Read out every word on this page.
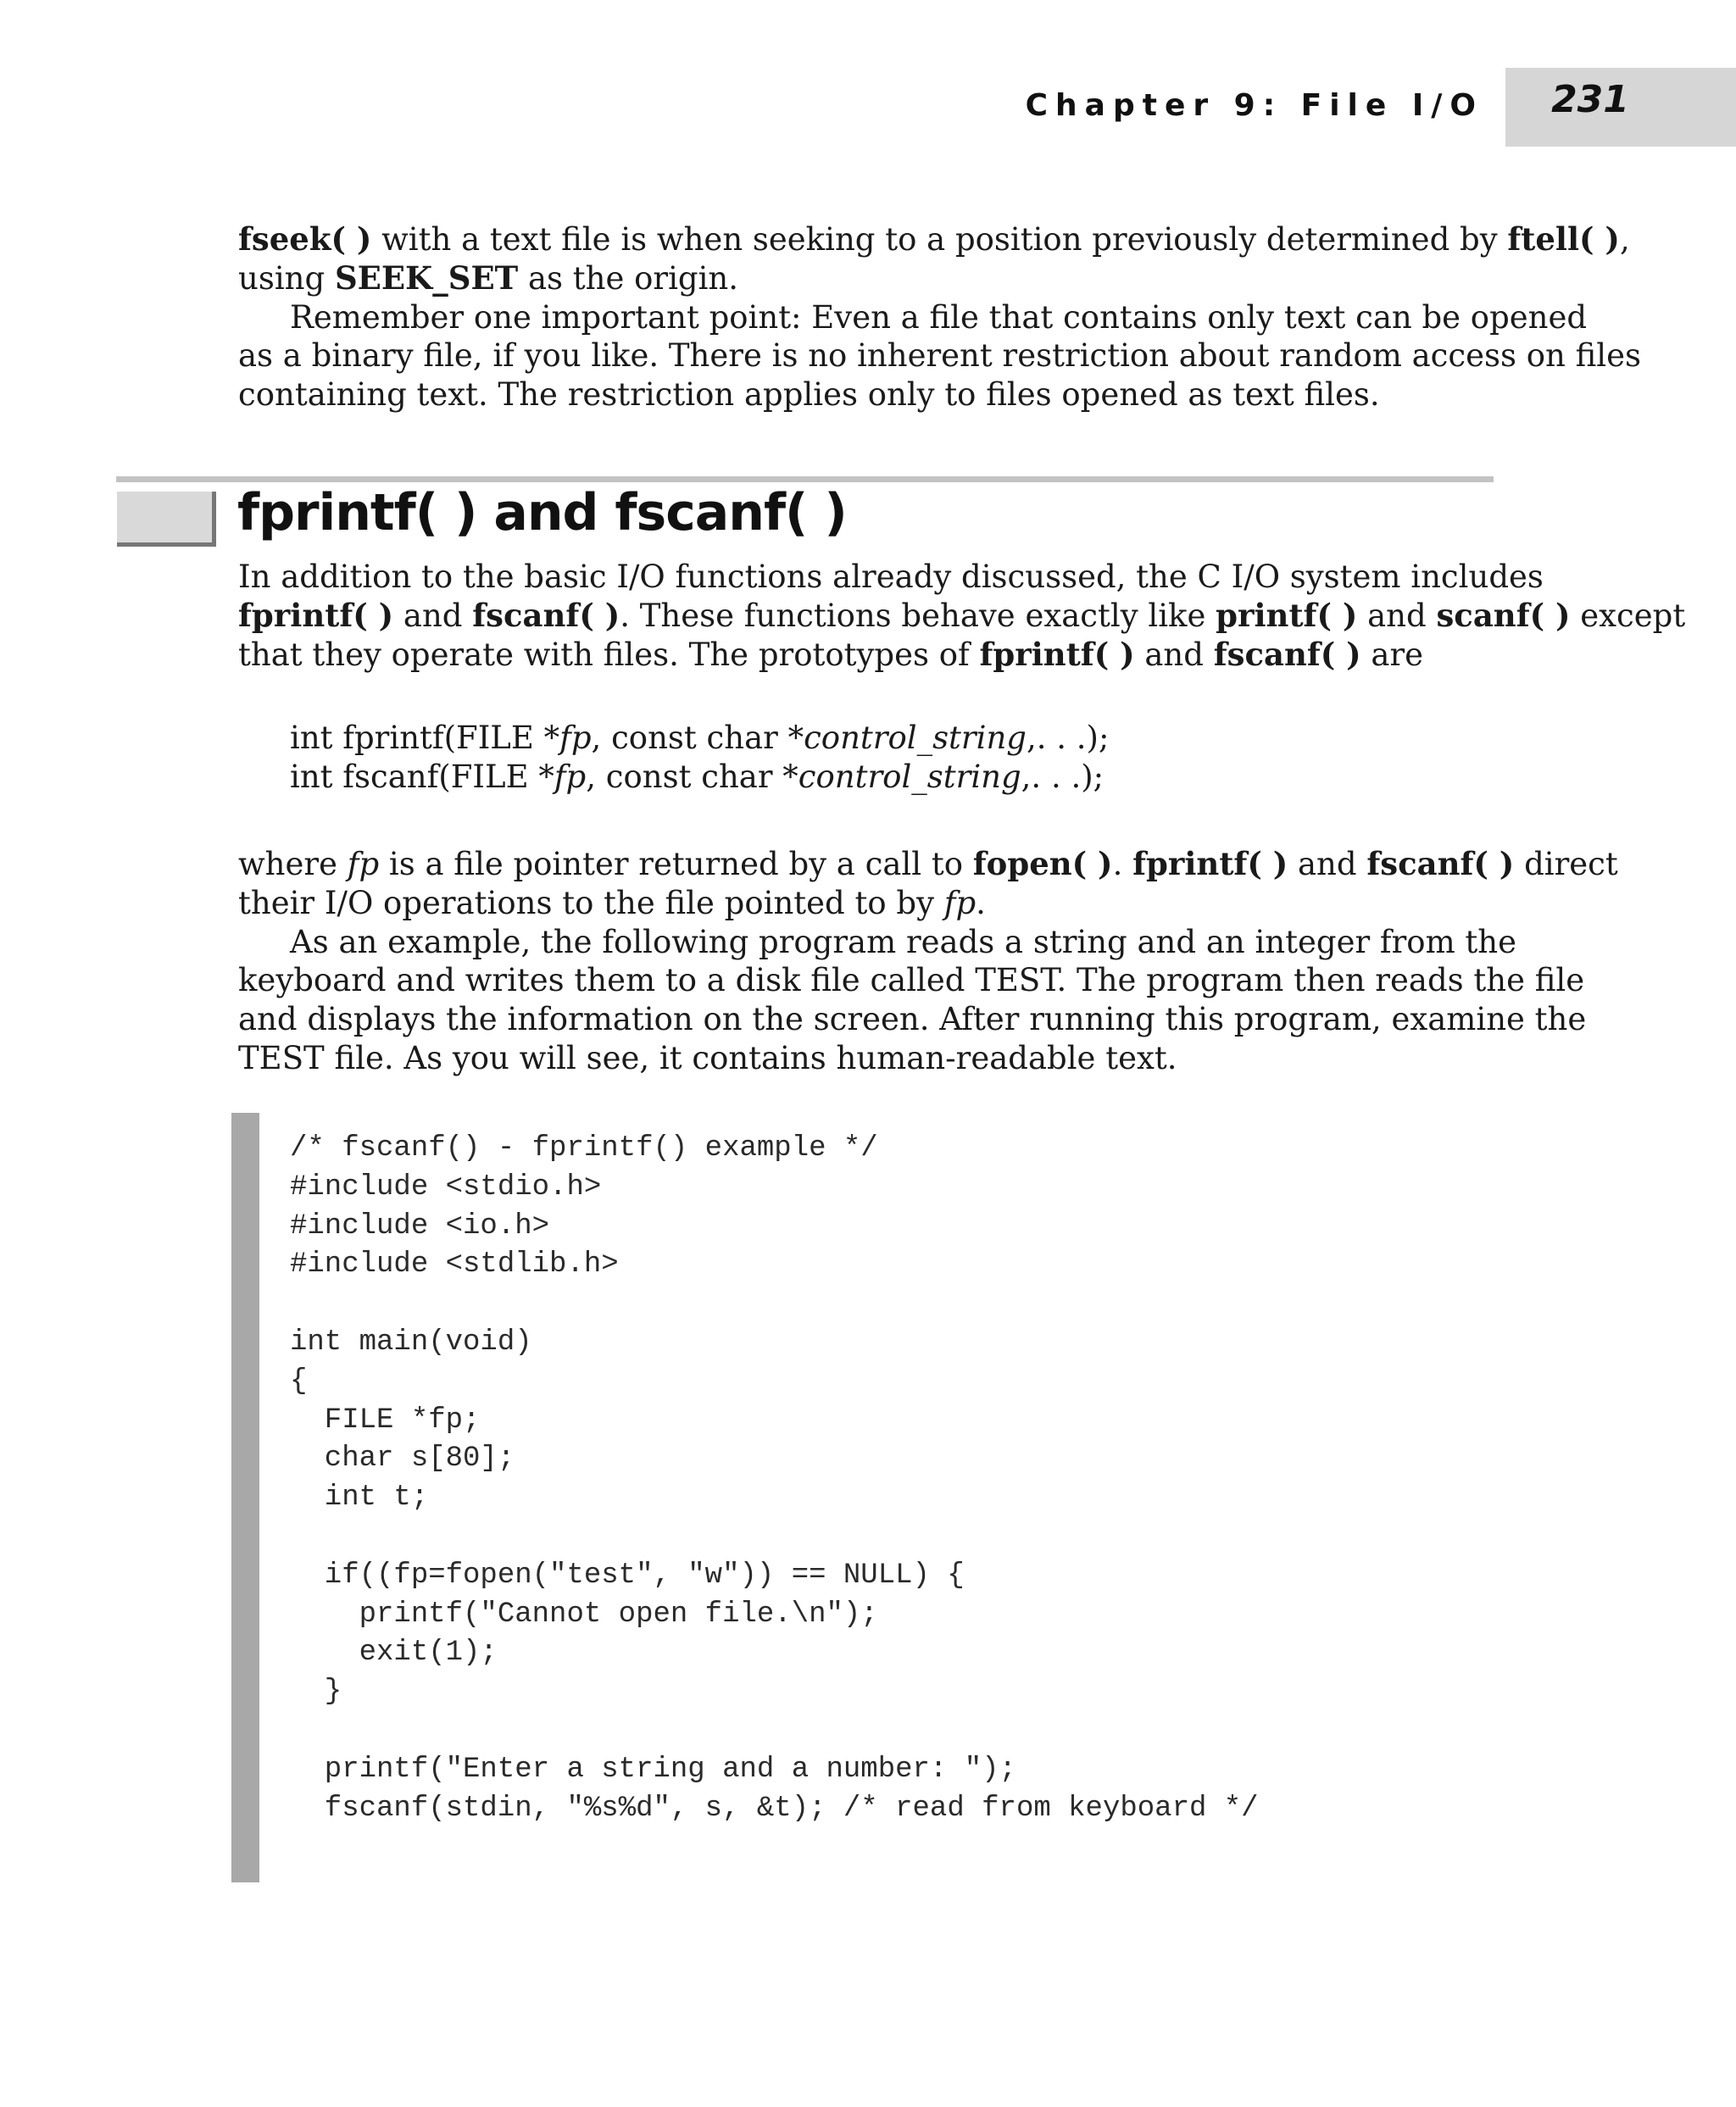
Chapter 9: File I/O	231
fseek( ) with a text file is when seeking to a position previously determined by ftell( ),
using SEEK_SET as the origin.
Remember one important point: Even a file that contains only text can be opened
as a binary file, if you like. There is no inherent restriction about random access on files
containing text. The restriction applies only to files opened as text files.
fprintf( ) and fscanf( )
In addition to the basic I/O functions already discussed, the C I/O system includes
fprintf( ) and fscanf( ). These functions behave exactly like printf( ) and scanf( ) except
that they operate with files. The prototypes of fprintf( ) and fscanf( ) are
int fprintf(FILE *fp, const char *control_string,. . .);
int fscanf(FILE *fp, const char *control_string,. . .);
where fp is a file pointer returned by a call to fopen( ). fprintf( ) and fscanf( ) direct
their I/O operations to the file pointed to by fp.
As an example, the following program reads a string and an integer from the
keyboard and writes them to a disk file called TEST. The program then reads the file
and displays the information on the screen. After running this program, examine the
TEST file. As you will see, it contains human-readable text.
/* fscanf() - fprintf() example */
#include <stdio.h>
#include <io.h>
#include <stdlib.h>
int main(void)
{
FILE *fp;
char s[80];
int t;
if((fp=fopen("test", "w")) == NULL) {
printf("Cannot open file.\n");
exit(1);
}
printf("Enter a string and a number: ");
fscanf(stdin, "%s%d", s, &t); /* read from keyboard */
